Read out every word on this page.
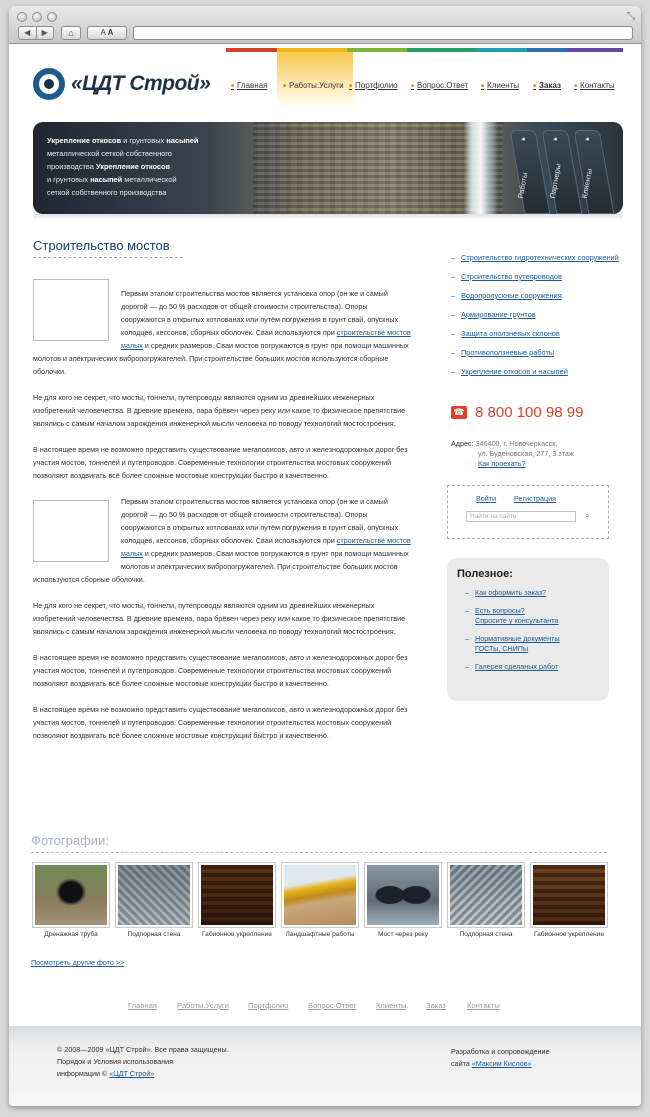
◀	▶	⌂	A A
⤡
«ЦДТ Строй»	■ Главная	■ Работы.Услуги	■ Портфолио	■ Вопрос.Ответ	■ Клиенты	■ Заказ	■ Контакты
Укрепление откосов и грунтовых насыпей
металлической сеткой собственного
производства Укрепление откосов
и грунтовых насыпей металлической
сеткой собственного производства
◂
Работы
◂
Партнеры
◂
Клиенты
Строительство мостов

Первым этапом строительства мостов является установка опор (он же и самый дорогой — до 50 % расходов от общей стоимости строительства). Опоры сооружаются в открытых котлованах или путём погружения в грунт свай, опускных колодцев, кессонов, сборных оболочек. Сваи используются при строительстве мостов малых и средних размеров. Сваи мостов погружаются в грунт при помощи машинных молотов и электрических вибропогружателей. При строительстве больших мостов используются сборные оболочки.

Не для кого не секрет, что мосты, тоннели, путепроводы являются одним из древнейших инженерных изобретений человечества. В древние времена, пара брёвен через реку или какое то физическое препятствие являлись с самым началом зарождения инженерной мысли человека по поводу технологий мостостроения.

В настоящее время не возможно представить существование мегаполисов, авто и железнодорожных дорог без участия мостов, тоннелей и путепроводов. Современные технологии строительства мостовых сооружений позволяют воздвигать всё более сложные мостовые конструкции быстро и качественно.

Первым этапом строительства мостов является установка опор (он же и самый дорогой — до 50 % расходов от общей стоимости строительства). Опоры сооружаются в открытых котлованах или путём погружения в грунт свай, опускных колодцев, кессонов, сборных оболочек. Сваи используются при строительстве мостов малых и средних размеров. Сваи мостов погружаются в грунт при помощи машинных молотов и электрических вибропогружателей. При строительстве больших мостов используются сборные оболочки.

Не для кого не секрет, что мосты, тоннели, путепроводы являются одним из древнейших инженерных изобретений человечества. В древние времена, пара брёвен через реку или какое то физическое препятствие являлись с самым началом зарождения инженерной мысли человека по поводу технологий мостостроения.

В настоящее время не возможно представить существование мегаполисов, авто и железнодорожных дорог без участия мостов, тоннелей и путепроводов. Современные технологии строительства мостовых сооружений позволяют воздвигать всё более сложные мостовые конструкции быстро и качественно.

В настоящее время не возможно представить существование мегаполисов, авто и железнодорожных дорог без участия мостов, тоннелей и путепроводов. Современные технологии строительства мостовых сооружений позволяют воздвигать всё более сложные мостовые конструкции быстро и качественно.

– Строительство гидротехнических сооружений
– Строительство путепроводов
– Водопропускные сооружения
– Армирование грунтов
– Защита оползневых склонов
– Противоползневые работы
– Укрепление откосов и насыпей
☎ 8 800 100 98 99
Адрес: 346400, г. Новочеркасск,
ул. Буденовская, 277, 3 этаж
Как проехать?
Войти Регистрация
Найти на сайте	⌕
Полезное:
– Как оформить заказ?
– Есть вопросы?
Спросите у консультанта
– Нормативные документы
ГОСТы, СНИПы
– Галерея сделаных работ
Фотографии:
Дренажная труба	Подпорная стена	Габионное укрепление	Ландшафтные работы	Мост через реку	Подпорная стена	Габионное укрепление
Посмотреть другие фото >>
Главная	Работы.Услуги	Портфолио	Вопрос.Ответ	Клиенты	Заказ	Контакты
© 2008—2009 «ЦДТ Строй». Все права защищены.
Порядок и Условия использования
информации © «ЦДТ Строй»
Разработка и сопровождение
сайта «Максим Кислов»
